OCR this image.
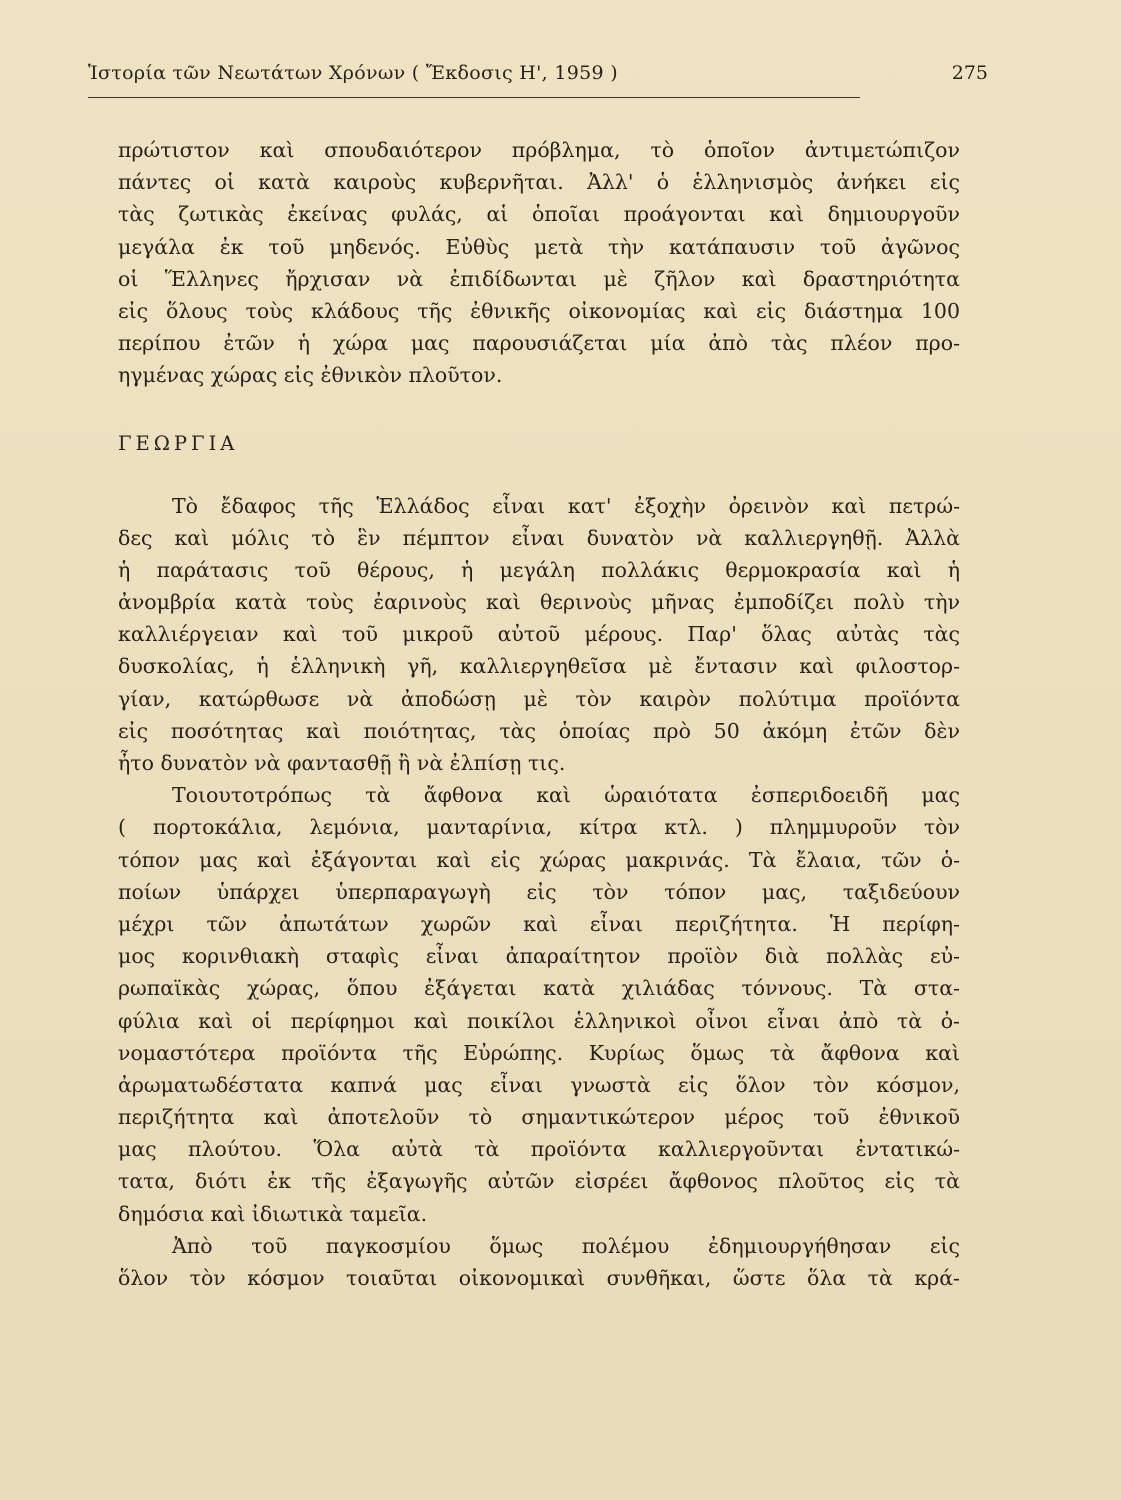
Ἱστορία τῶν Νεωτάτων Χρόνων ( Ἔκδοσις Η', 1959 )	275
πρώτιστον καὶ σπουδαιότερον πρόβλημα, τὸ ὁποῖον ἀντιμετώπιζον
πάντες οἱ κατὰ καιροὺς κυβερνῆται. Ἀλλ' ὁ ἑλληνισμὸς ἀνήκει εἰς
τὰς ζωτικὰς ἐκείνας φυλάς, αἱ ὁποῖαι προάγονται καὶ δημιουργοῦν
μεγάλα ἐκ τοῦ μηδενός. Εὐθὺς μετὰ τὴν κατάπαυσιν τοῦ ἀγῶνος
οἱ Ἕλληνες ἤρχισαν νὰ ἐπιδίδωνται μὲ ζῆλον καὶ δραστηριότητα
εἰς ὅλους τοὺς κλάδους τῆς ἐθνικῆς οἰκονομίας καὶ εἰς διάστημα 100
περίπου ἐτῶν ἡ χώρα μας παρουσιάζεται μία ἀπὸ τὰς πλέον προ-
ηγμένας χώρας εἰς ἐθνικὸν πλοῦτον.
ΓΕΩΡΓΙΑ
Τὸ ἔδαφος τῆς Ἑλλάδος εἶναι κατ' ἐξοχὴν ὀρεινὸν καὶ πετρώ-
δες καὶ μόλις τὸ ἓν πέμπτον εἶναι δυνατὸν νὰ καλλιεργηθῇ. Ἀλλὰ
ἡ παράτασις τοῦ θέρους, ἡ μεγάλη πολλάκις θερμοκρασία καὶ ἡ
ἀνομβρία κατὰ τοὺς ἐαρινοὺς καὶ θερινοὺς μῆνας ἐμποδίζει πολὺ τὴν
καλλιέργειαν καὶ τοῦ μικροῦ αὐτοῦ μέρους. Παρ' ὅλας αὐτὰς τὰς
δυσκολίας, ἡ ἑλληνικὴ γῆ, καλλιεργηθεῖσα μὲ ἔντασιν καὶ φιλοστορ-
γίαν, κατώρθωσε νὰ ἀποδώσῃ μὲ τὸν καιρὸν πολύτιμα προϊόντα
εἰς ποσότητας καὶ ποιότητας, τὰς ὁποίας πρὸ 50 ἀκόμη ἐτῶν δὲν
ἦτο δυνατὸν νὰ φαντασθῇ ἢ νὰ ἐλπίσῃ τις.
Τοιουτοτρόπως τὰ ἄφθονα καὶ ὡραιότατα ἐσπεριδοειδῆ μας
( πορτοκάλια, λεμόνια, μανταρίνια, κίτρα κτλ. ) πλημμυροῦν τὸν
τόπον μας καὶ ἐξάγονται καὶ εἰς χώρας μακρινάς. Τὰ ἔλαια, τῶν ὁ-
ποίων ὑπάρχει ὑπερπαραγωγὴ εἰς τὸν τόπον μας, ταξιδεύουν
μέχρι τῶν ἀπωτάτων χωρῶν καὶ εἶναι περιζήτητα. Ἡ περίφη-
μος κορινθιακὴ σταφὶς εἶναι ἀπαραίτητον προϊὸν διὰ πολλὰς εὐ-
ρωπαϊκὰς χώρας, ὅπου ἐξάγεται κατὰ χιλιάδας τόννους. Τὰ στα-
φύλια καὶ οἱ περίφημοι καὶ ποικίλοι ἑλληνικοὶ οἶνοι εἶναι ἀπὸ τὰ ὀ-
νομαστότερα προϊόντα τῆς Εὐρώπης. Κυρίως ὅμως τὰ ἄφθονα καὶ
ἀρωματωδέστατα καπνά μας εἶναι γνωστὰ εἰς ὅλον τὸν κόσμον,
περιζήτητα καὶ ἀποτελοῦν τὸ σημαντικώτερον μέρος τοῦ ἐθνικοῦ
μας πλούτου. Ὅλα αὐτὰ τὰ προϊόντα καλλιεργοῦνται ἐντατικώ-
τατα, διότι ἐκ τῆς ἐξαγωγῆς αὐτῶν εἰσρέει ἄφθονος πλοῦτος εἰς τὰ
δημόσια καὶ ἰδιωτικὰ ταμεῖα.
Ἀπὸ τοῦ παγκοσμίου ὅμως πολέμου ἐδημιουργήθησαν εἰς
ὅλον τὸν κόσμον τοιαῦται οἰκονομικαὶ συνθῆκαι, ὥστε ὅλα τὰ κρά-
